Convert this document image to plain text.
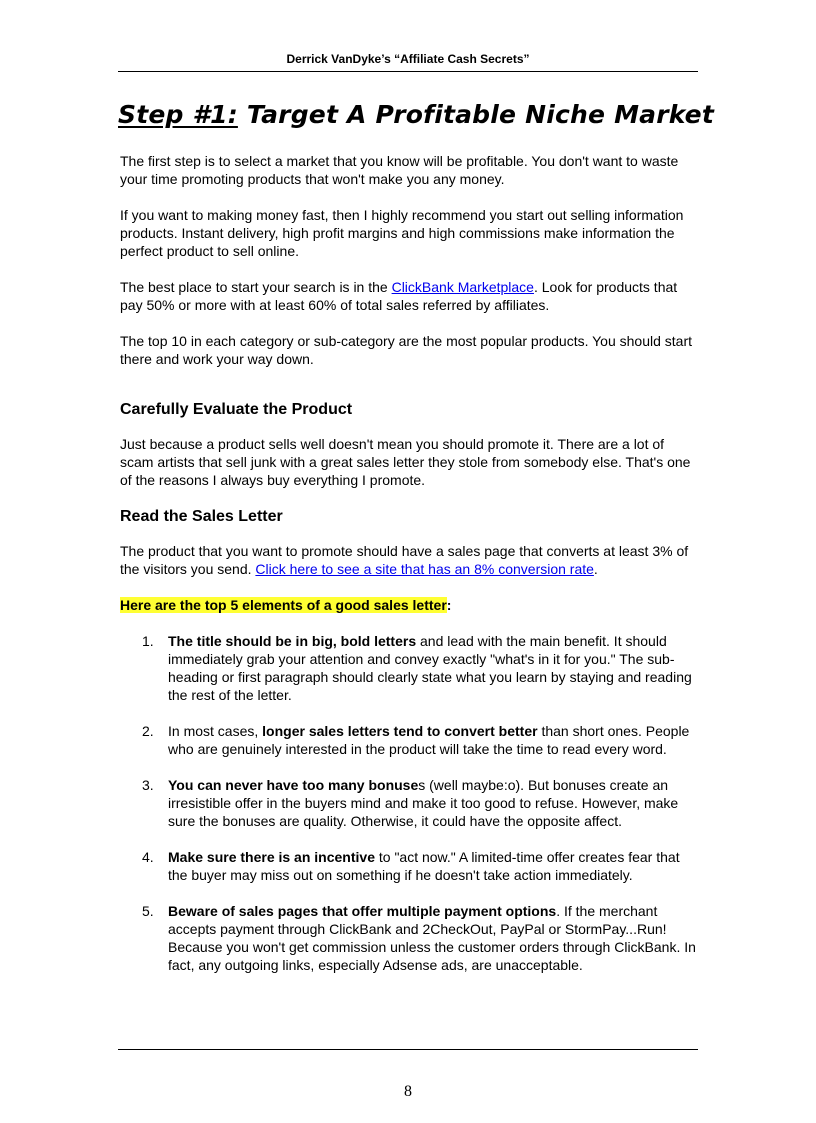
Derrick VanDyke’s “Affiliate Cash Secrets”
Step #1: Target A Profitable Niche Market

The first step is to select a market that you know will be profitable. You don't want to waste your time promoting products that won't make you any money.

If you want to making money fast, then I highly recommend you start out selling information products. Instant delivery, high profit margins and high commissions make information the perfect product to sell online.

The best place to start your search is in the ClickBank Marketplace. Look for products that pay 50% or more with at least 60% of total sales referred by affiliates.

The top 10 in each category or sub-category are the most popular products. You should start there and work your way down.

Carefully Evaluate the Product

Just because a product sells well doesn't mean you should promote it. There are a lot of scam artists that sell junk with a great sales letter they stole from somebody else. That's one of the reasons I always buy everything I promote.

Read the Sales Letter

The product that you want to promote should have a sales page that converts at least 3% of the visitors you send. Click here to see a site that has an 8% conversion rate.

Here are the top 5 elements of a good sales letter:

1. The title should be in big, bold letters and lead with the main benefit. It should immediately grab your attention and convey exactly "what's in it for you." The sub-heading or first paragraph should clearly state what you learn by staying and reading the rest of the letter.
2. In most cases, longer sales letters tend to convert better than short ones. People who are genuinely interested in the product will take the time to read every word.
3. You can never have too many bonuses (well maybe:o). But bonuses create an irresistible offer in the buyers mind and make it too good to refuse. However, make sure the bonuses are quality. Otherwise, it could have the opposite affect.
4. Make sure there is an incentive to "act now." A limited-time offer creates fear that the buyer may miss out on something if he doesn't take action immediately.
5. Beware of sales pages that offer multiple payment options. If the merchant accepts payment through ClickBank and 2CheckOut, PayPal or StormPay...Run! Because you won't get commission unless the customer orders through ClickBank. In fact, any outgoing links, especially Adsense ads, are unacceptable.
8
